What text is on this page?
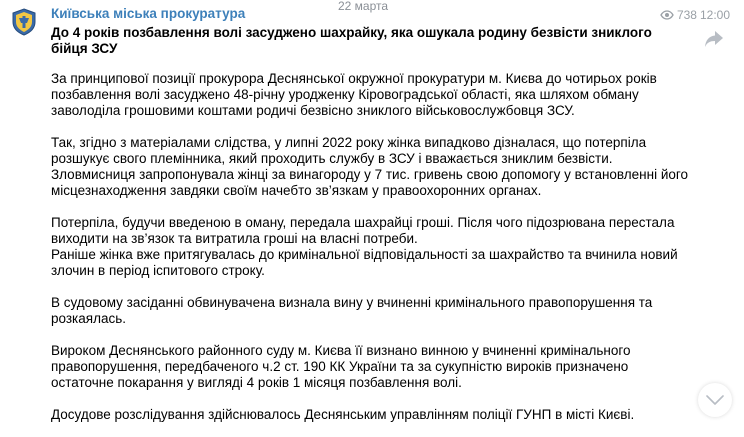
Київська міська прокуратура	22 марта
738 12:00
До 4 років позбавлення волі засуджено шахрайку, яка ошукала родину безвісти зниклого бійця ЗСУ

За принципової позиції прокурора Деснянської окружної прокуратури м. Києва до чотирьох років позбавлення волі засуджено 48-річну уродженку Кіровоградської області, яка шляхом обману заволоділа грошовими коштами родичі безвісно зниклого військовослужбовця ЗСУ.

Так, згідно з матеріалами слідства, у липні 2022 року жінка випадково дізналася, що потерпіла розшукує свого племінника, який проходить службу в ЗСУ і вважається зниклим безвісти.
Зловмисниця запропонувала жінці за винагороду у 7 тис. гривень свою допомогу у встановленні його місцезнаходження завдяки своїм начебто зв’язкам у правоохоронних органах.

Потерпіла, будучи введеною в оману, передала шахрайці гроші. Після чого підозрювана перестала виходити на зв’язок та витратила гроші на власні потреби.
Раніше жінка вже притягувалась до кримінальної відповідальності за шахрайство та вчинила новий злочин в період іспитового строку.

В судовому засіданні обвинувачена визнала вину у вчиненні кримінального правопорушення та розкаялась.

Вироком Деснянського районного суду м. Києва її визнано винною у вчиненні кримінального правопорушення, передбаченого ч.2 ст. 190 КК України та за сукупністю вироків призначено остаточне покарання у вигляді 4 років 1 місяця позбавлення волі.

Досудове розслідування здійснювалось Деснянським управлінням поліції ГУНП в місті Києві.
